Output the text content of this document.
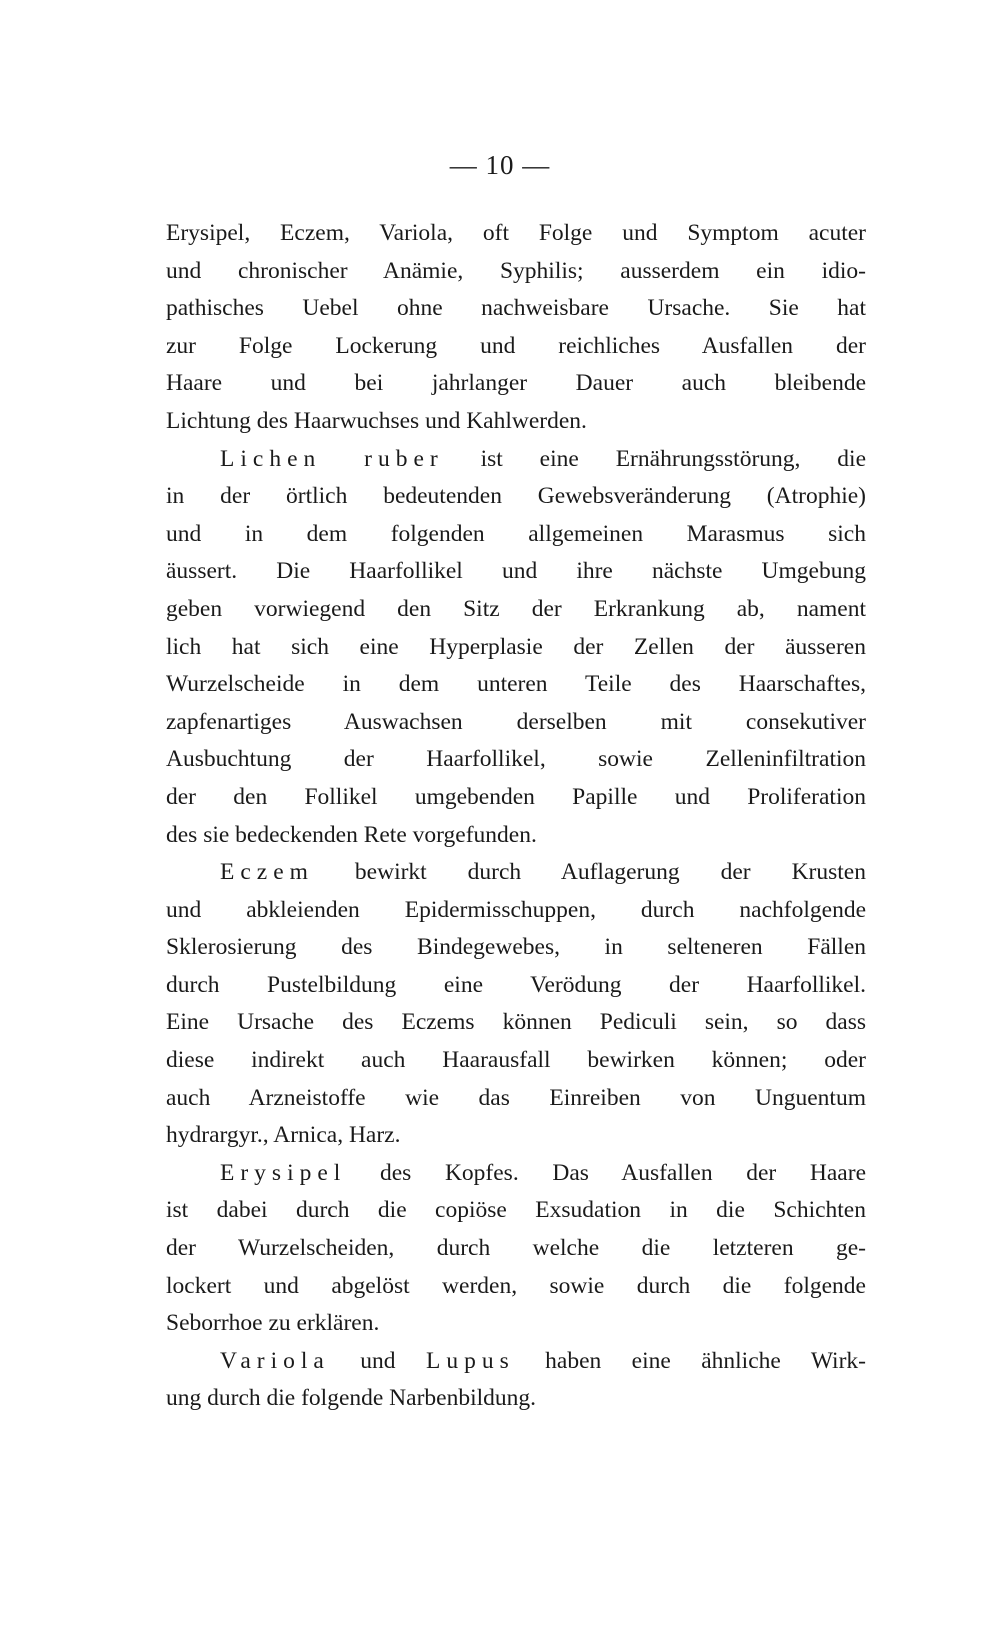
— 10 —
Erysipel, Eczem, Variola, oft Folge und Symptom acuter
und chronischer Anämie, Syphilis; ausserdem ein idio-
pathisches Uebel ohne nachweisbare Ursache. Sie hat
zur Folge Lockerung und reichliches Ausfallen der
Haare und bei jahrlanger Dauer auch bleibende
Lichtung des Haarwuchses und Kahlwerden.
Lichen ruber ist eine Ernährungsstörung, die
in der örtlich bedeutenden Gewebsveränderung (Atrophie)
und in dem folgenden allgemeinen Marasmus sich
äussert. Die Haarfollikel und ihre nächste Umgebung
geben vorwiegend den Sitz der Erkrankung ab, nament
lich hat sich eine Hyperplasie der Zellen der äusseren
Wurzelscheide in dem unteren Teile des Haarschaftes,
zapfenartiges Auswachsen derselben mit consekutiver
Ausbuchtung der Haarfollikel, sowie Zelleninfiltration
der den Follikel umgebenden Papille und Proliferation
des sie bedeckenden Rete vorgefunden.
Eczem bewirkt durch Auflagerung der Krusten
und abkleienden Epidermisschuppen, durch nachfolgende
Sklerosierung des Bindegewebes, in selteneren Fällen
durch Pustelbildung eine Verödung der Haarfollikel.
Eine Ursache des Eczems können Pediculi sein, so dass
diese indirekt auch Haarausfall bewirken können; oder
auch Arzneistoffe wie das Einreiben von Unguentum
hydrargyr., Arnica, Harz.
Erysipel des Kopfes. Das Ausfallen der Haare
ist dabei durch die copiöse Exsudation in die Schichten
der Wurzelscheiden, durch welche die letzteren ge-
lockert und abgelöst werden, sowie durch die folgende
Seborrhoe zu erklären.
Variola und Lupus haben eine ähnliche Wirk-
ung durch die folgende Narbenbildung.
